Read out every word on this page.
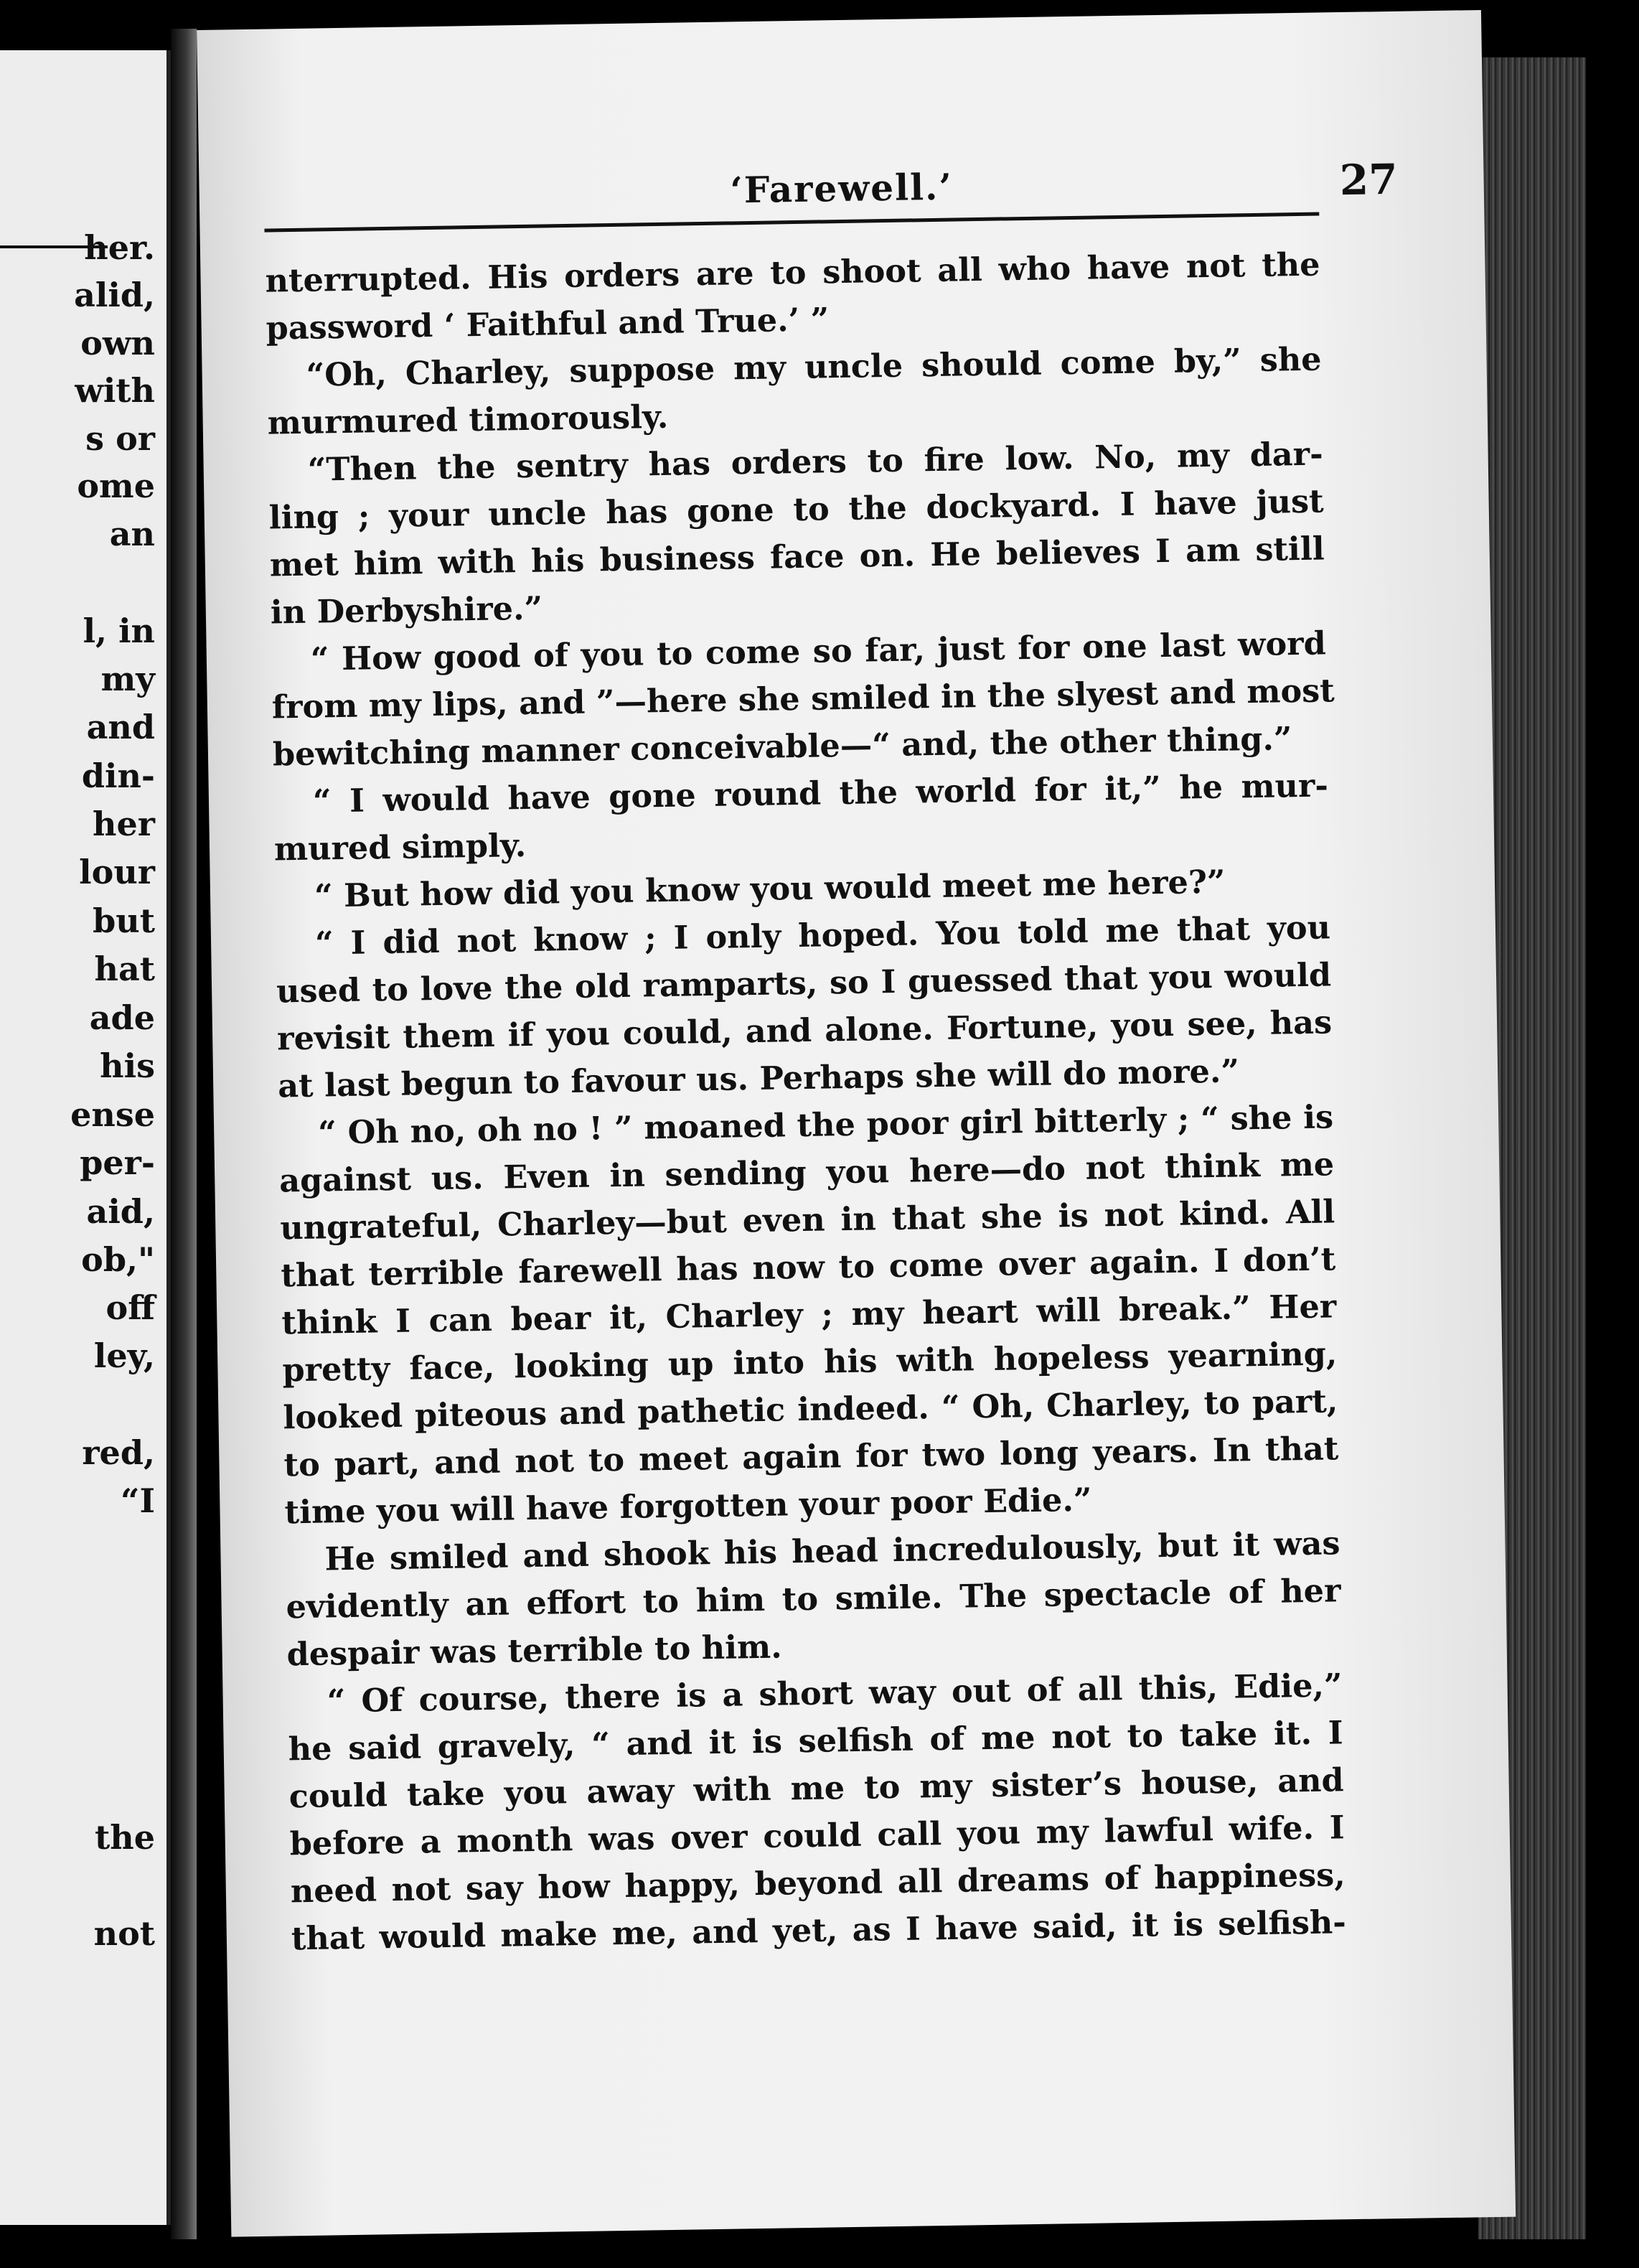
her.
alid,
own
with
s or
ome
an
l, in
my
and
din-
her
lour
but
hat
ade
his
ense
per-
aid,
ob,"
off
ley,
red,
“I
the
not
‘Farewell.’	27
nterrupted. His orders are to shoot all who have not the
password ‘ Faithful and True.’ ”
“Oh, Charley, suppose my uncle should come by,” she
murmured timorously.
“Then the sentry has orders to fire low. No, my dar-
ling ; your uncle has gone to the dockyard. I have just
met him with his business face on. He believes I am still
in Derbyshire.”
“ How good of you to come so far, just for one last word
from my lips, and ”—here she smiled in the slyest and most
bewitching manner conceivable—“ and, the other thing.”
“ I would have gone round the world for it,” he mur-
mured simply.
“ But how did you know you would meet me here?”
“ I did not know ; I only hoped. You told me that you
used to love the old ramparts, so I guessed that you would
revisit them if you could, and alone. Fortune, you see, has
at last begun to favour us. Perhaps she will do more.”
“ Oh no, oh no ! ” moaned the poor girl bitterly ; “ she is
against us. Even in sending you here—do not think me
ungrateful, Charley—but even in that she is not kind. All
that terrible farewell has now to come over again. I don’t
think I can bear it, Charley ; my heart will break.” Her
pretty face, looking up into his with hopeless yearning,
looked piteous and pathetic indeed. “ Oh, Charley, to part,
to part, and not to meet again for two long years. In that
time you will have forgotten your poor Edie.”
He smiled and shook his head incredulously, but it was
evidently an effort to him to smile. The spectacle of her
despair was terrible to him.
“ Of course, there is a short way out of all this, Edie,”
he said gravely, “ and it is selfish of me not to take it. I
could take you away with me to my sister’s house, and
before a month was over could call you my lawful wife. I
need not say how happy, beyond all dreams of happiness,
that would make me, and yet, as I have said, it is selfish-
